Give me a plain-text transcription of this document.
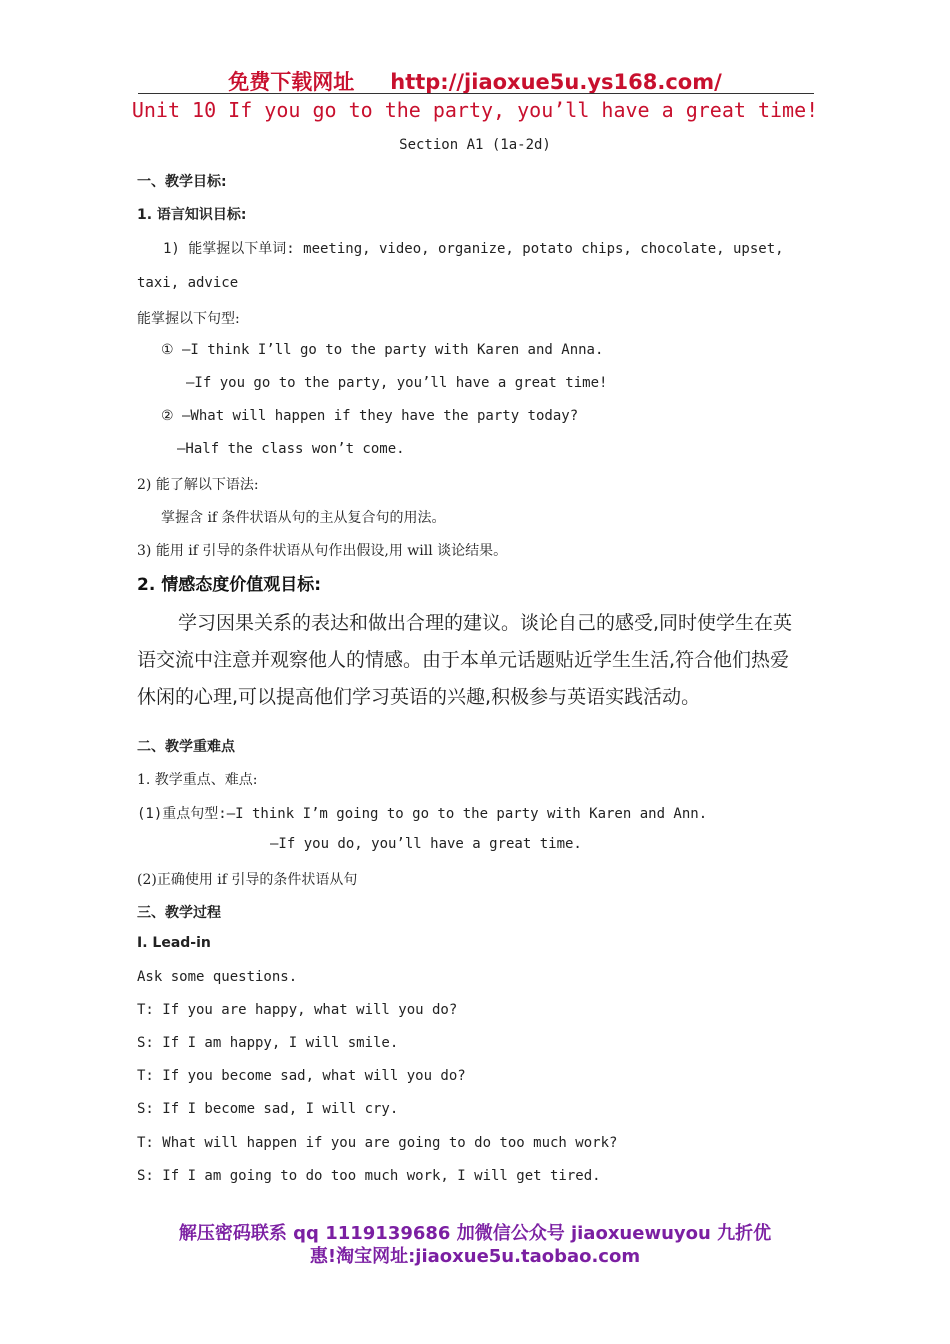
免费下载网址 http://jiaoxue5u.ys168.com/
Unit 10 If you go to the party, you’ll have a great time!
Section A1 (1a-2d)
一、教学目标:
1. 语言知识目标:
1) 能掌握以下单词: meeting, video, organize, potato chips, chocolate, upset,
taxi, advice
能掌握以下句型:
① —I think I’ll go to the party with Karen and Anna.
—If you go to the party, you’ll have a great time!
② —What will happen if they have the party today?
—Half the class won’t come.
2) 能了解以下语法:
掌握含 if 条件状语从句的主从复合句的用法。
3) 能用 if 引导的条件状语从句作出假设,用 will 谈论结果。
2. 情感态度价值观目标:
学习因果关系的表达和做出合理的建议。谈论自己的感受,同时使学生在英
语交流中注意并观察他人的情感。由于本单元话题贴近学生生活,符合他们热爱
休闲的心理,可以提高他们学习英语的兴趣,积极参与英语实践活动。
二、教学重难点
1. 教学重点、难点:
(1)重点句型:—I think I’m going to go to the party with Karen and Ann.
—If you do, you’ll have a great time.
(2)正确使用 if 引导的条件状语从句
三、教学过程
Ⅰ. Lead-in
Ask some questions.
T: If you are happy, what will you do?
S: If I am happy, I will smile.
T: If you become sad, what will you do?
S: If I become sad, I will cry.
T: What will happen if you are going to do too much work?
S: If I am going to do too much work, I will get tired.
解压密码联系 qq 1119139686 加微信公众号 jiaoxuewuyou 九折优
惠!淘宝网址:jiaoxue5u.taobao.com
